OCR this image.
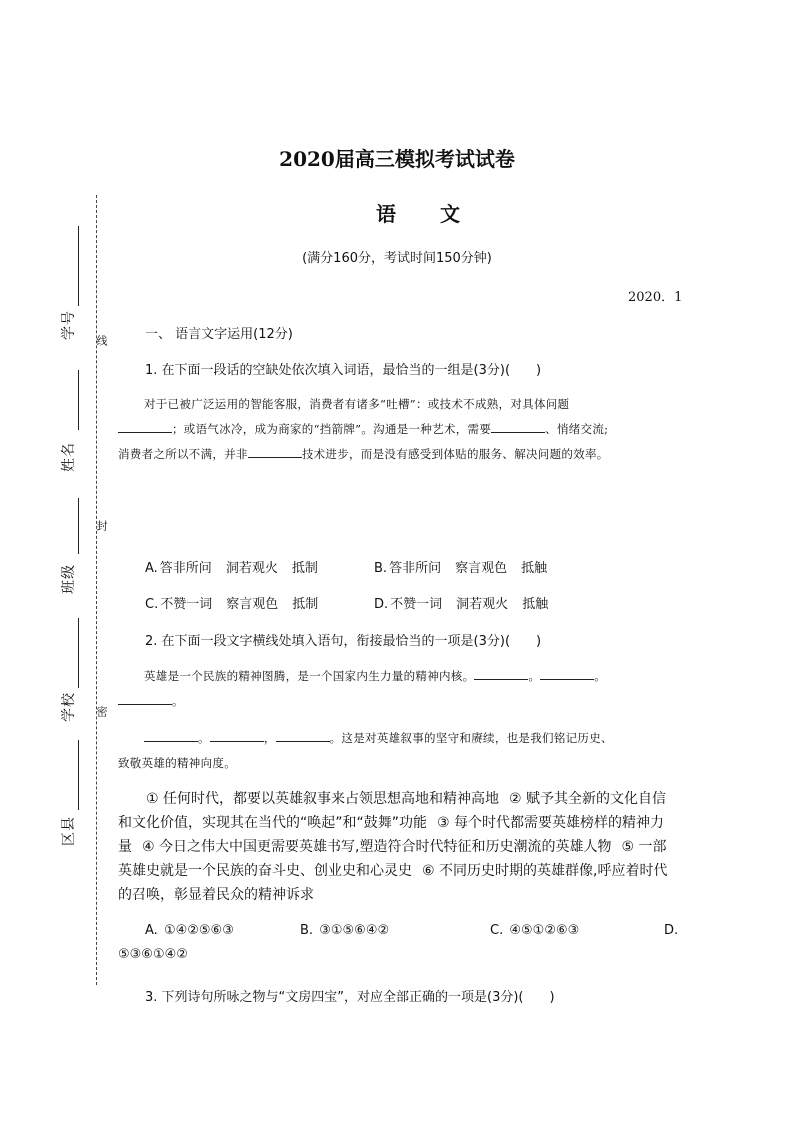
学号
姓名
班级
学校
区县
线
封
密
2020届高三模拟考试试卷
语 文
(满分160分，考试时间150分钟)
2020．1
一、 语言文字运用(12分)
1. 在下面一段话的空缺处依次填入词语，最恰当的一组是(3分)(　　)
对于已被广泛运用的智能客服，消费者有诸多“吐槽”：或技术不成熟，对具体问题
；或语气冰冷，成为商家的“挡箭牌”。沟通是一种艺术，需要	、悄绪交流;
消费者之所以不满，并非	技术进步，而是没有感受到体贴的服务、解决问题的效率。
A. 答非所问 洞若观火 抵制	B. 答非所问 察言观色 抵触
C. 不赞一词 察言观色 抵制	D. 不赞一词 洞若观火 抵触
2. 在下面一段文字横线处填入语句，衔接最恰当的一项是(3分)(　　)
英雄是一个民族的精神图腾，是一个国家内生力量的精神内核。	。	。
。
。	，	。这是对英雄叙事的坚守和赓续，也是我们铭记历史、
致敬英雄的精神向度。
① 任何时代，都要以英雄叙事来占领思想高地和精神高地 ② 赋予其全新的文化自信和文化价值，实现其在当代的“唤起”和“鼓舞”功能 ③ 每个时代都需要英雄榜样的精神力量 ④ 今日之伟大中国更需要英雄书写,塑造符合时代特征和历史潮流的英雄人物 ⑤ 一部英雄史就是一个民族的奋斗史、创业史和心灵史 ⑥ 不同历史时期的英雄群像,呼应着时代的召唤，彰显着民众的精神诉求
A. ①④②⑤⑥③	B. ③①⑤⑥④②	C. ④⑤①②⑥③	D.
⑤③⑥①④②
3. 下列诗句所咏之物与“文房四宝”，对应全部正确的一项是(3分)(　　)
